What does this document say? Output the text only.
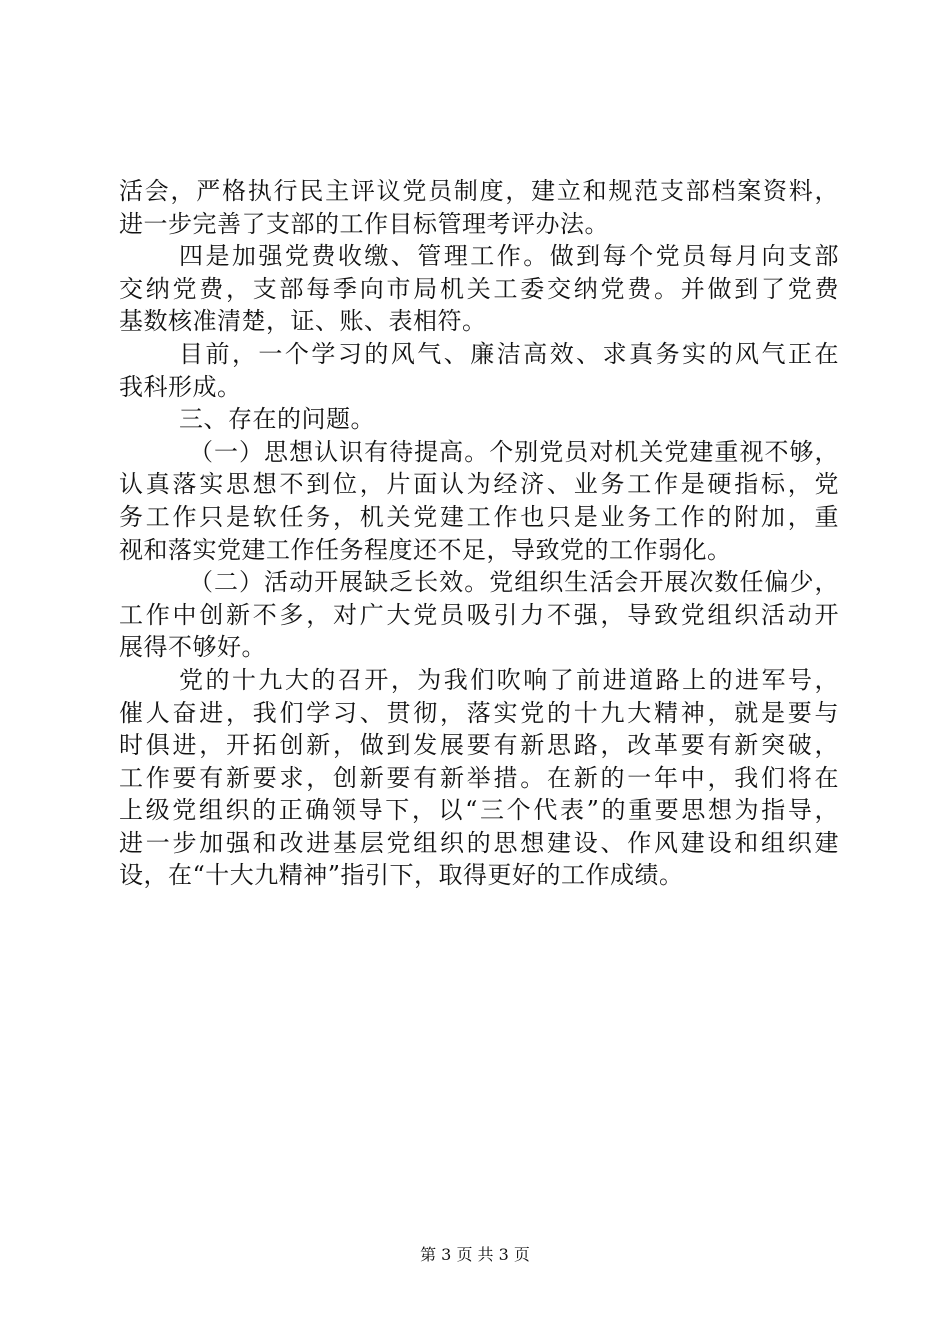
活会，严格执行民主评议党员制度，建立和规范支部档案资料，
进一步完善了支部的工作目标管理考评办法。
四是加强党费收缴、管理工作。做到每个党员每月向支部
交纳党费，支部每季向市局机关工委交纳党费。并做到了党费
基数核准清楚，证、账、表相符。
目前，一个学习的风气、廉洁高效、求真务实的风气正在
我科形成。
三、存在的问题。
（一）思想认识有待提高。个别党员对机关党建重视不够，
认真落实思想不到位，片面认为经济、业务工作是硬指标，党
务工作只是软任务，机关党建工作也只是业务工作的附加，重
视和落实党建工作任务程度还不足，导致党的工作弱化。
（二）活动开展缺乏长效。党组织生活会开展次数任偏少，
工作中创新不多，对广大党员吸引力不强，导致党组织活动开
展得不够好。
党的十九大的召开，为我们吹响了前进道路上的进军号，
催人奋进，我们学习、贯彻，落实党的十九大精神，就是要与
时俱进，开拓创新，做到发展要有新思路，改革要有新突破，
工作要有新要求，创新要有新举措。在新的一年中，我们将在
上级党组织的正确领导下，以“三个代表”的重要思想为指导，
进一步加强和改进基层党组织的思想建设、作风建设和组织建
设，在“十大九精神”指引下，取得更好的工作成绩。
第 3 页 共 3 页
